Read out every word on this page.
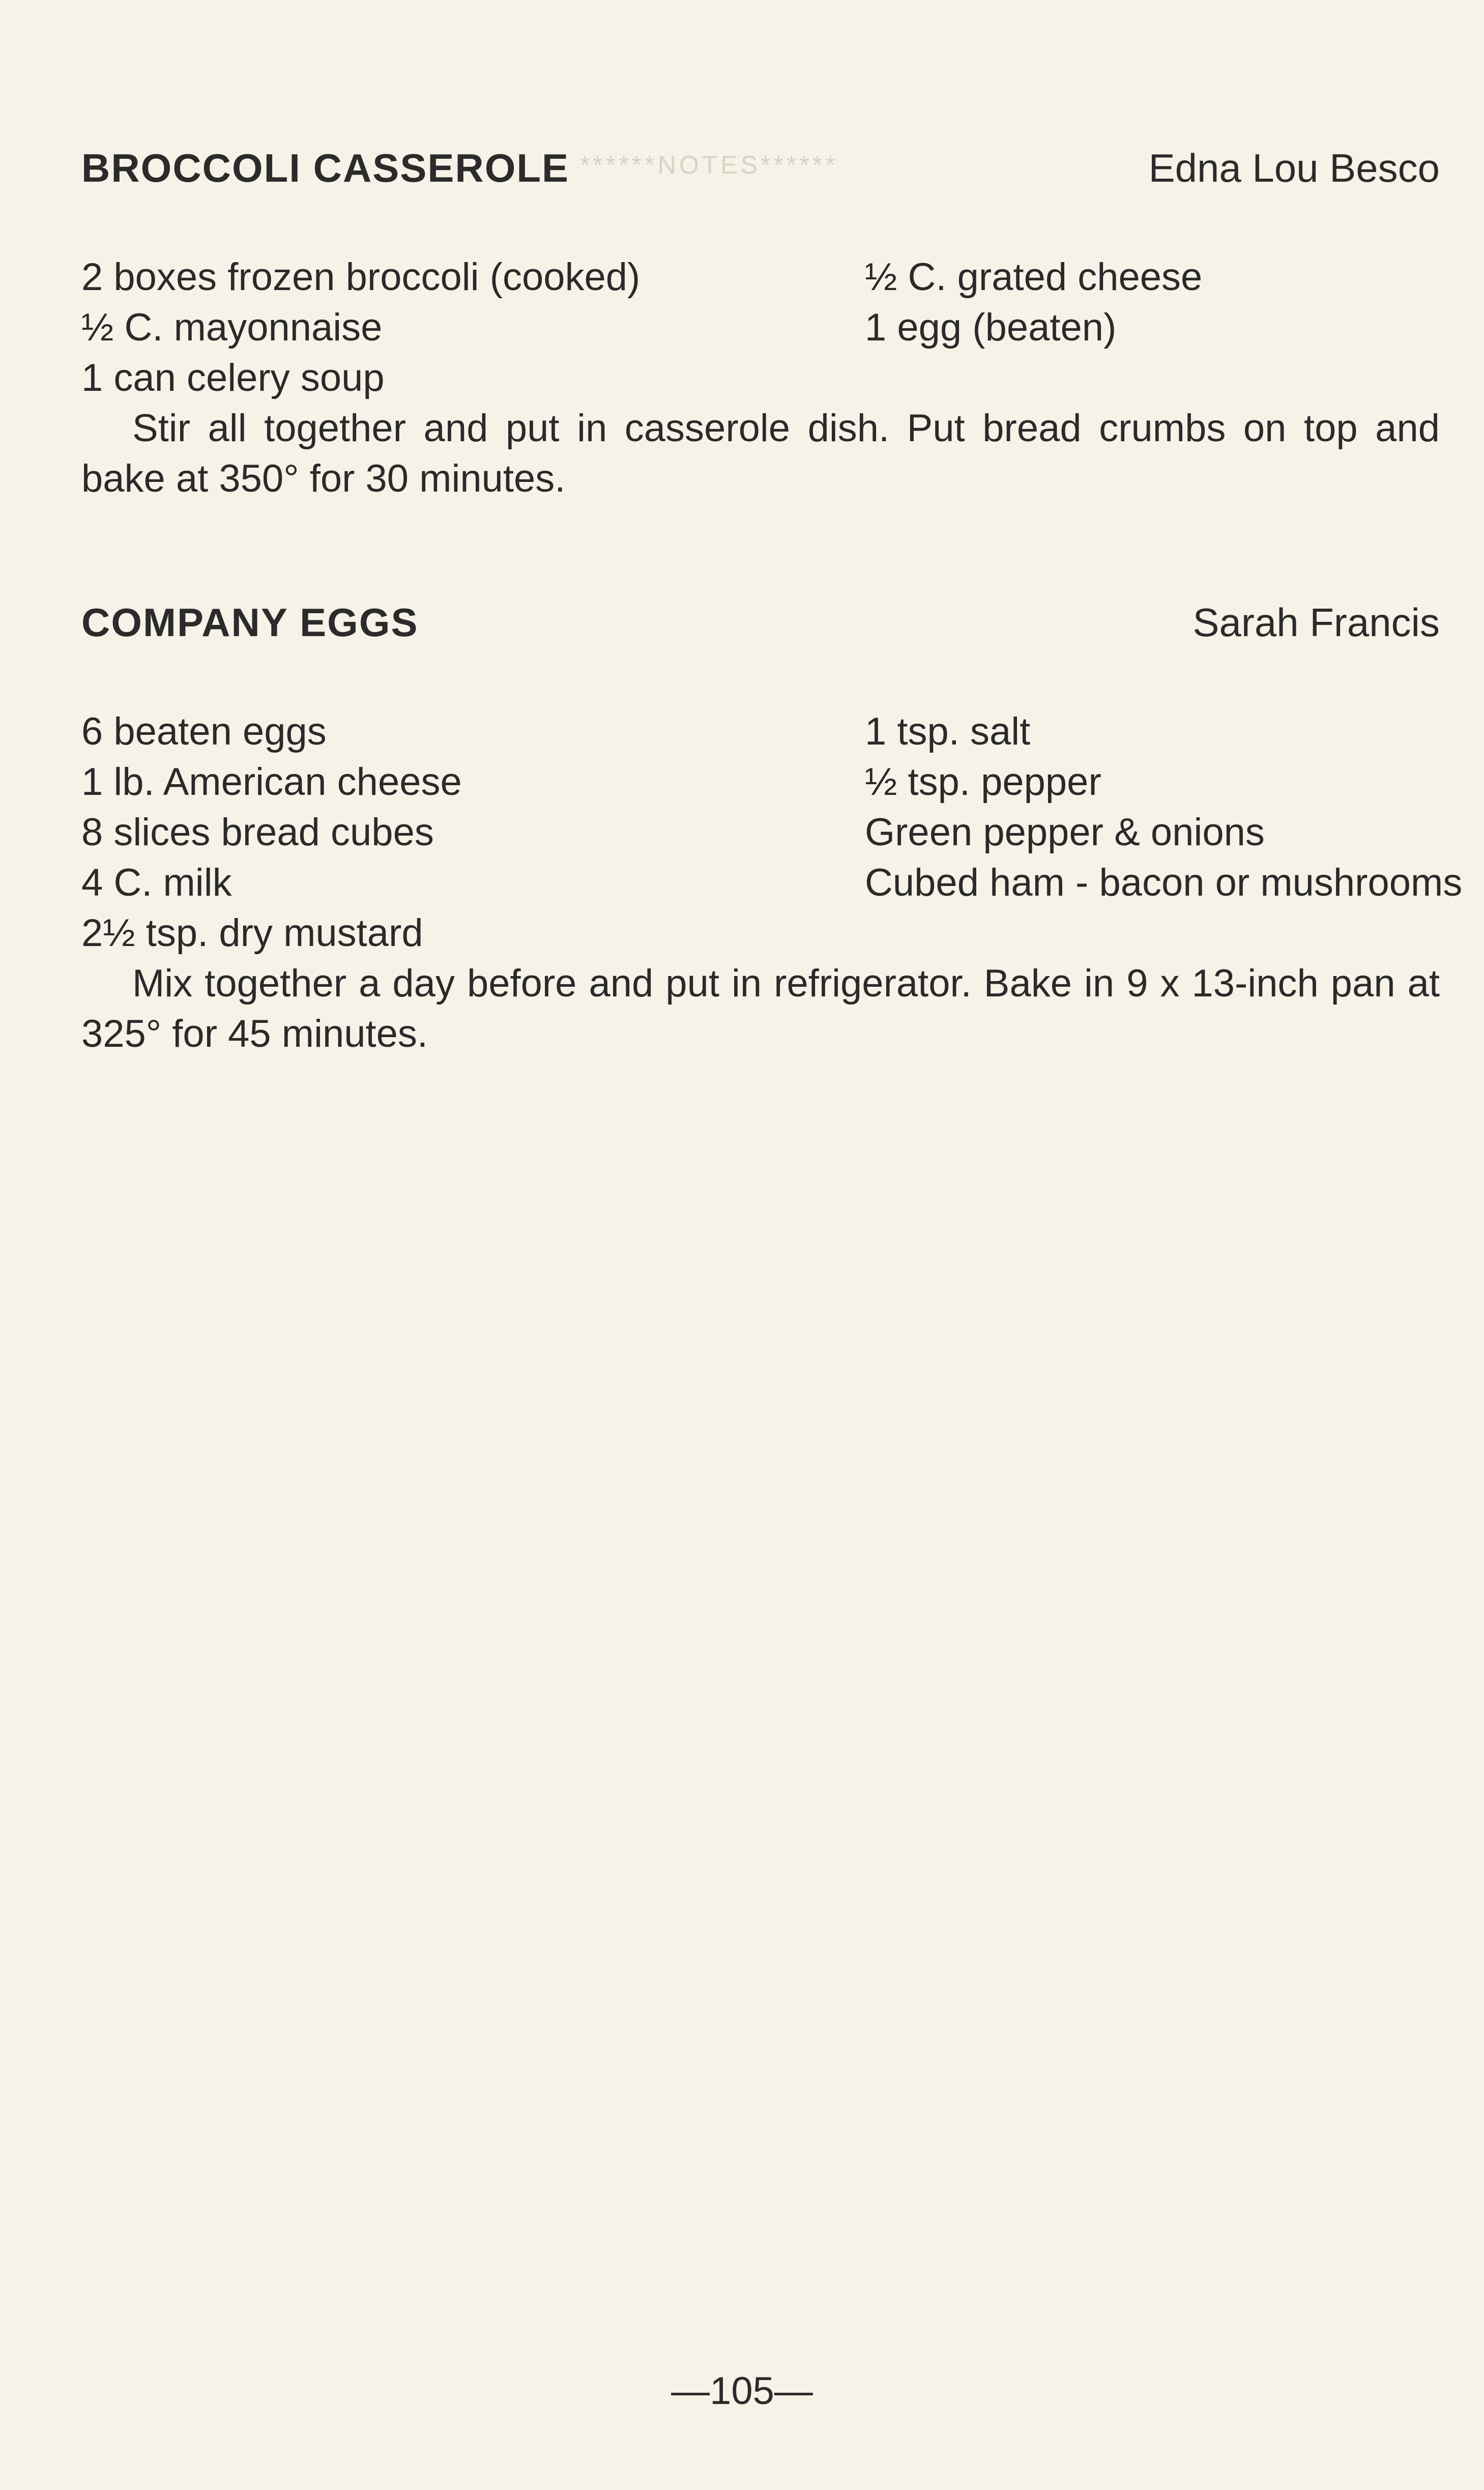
******NOTES******
BROCCOLI CASSEROLE	Edna Lou Besco
2 boxes frozen broccoli (cooked)
½ C. mayonnaise
1 can celery soup
½ C. grated cheese
1 egg (beaten)

Stir all together and put in casserole dish. Put bread crumbs on top and bake at 350° for 30 minutes.

COMPANY EGGS	Sarah Francis
6 beaten eggs
1 lb. American cheese
8 slices bread cubes
4 C. milk
2½ tsp. dry mustard
1 tsp. salt
½ tsp. pepper
Green pepper & onions
Cubed ham - bacon or mushrooms

Mix together a day before and put in refrigerator. Bake in 9 x 13-inch pan at 325° for 45 minutes.

—105—
